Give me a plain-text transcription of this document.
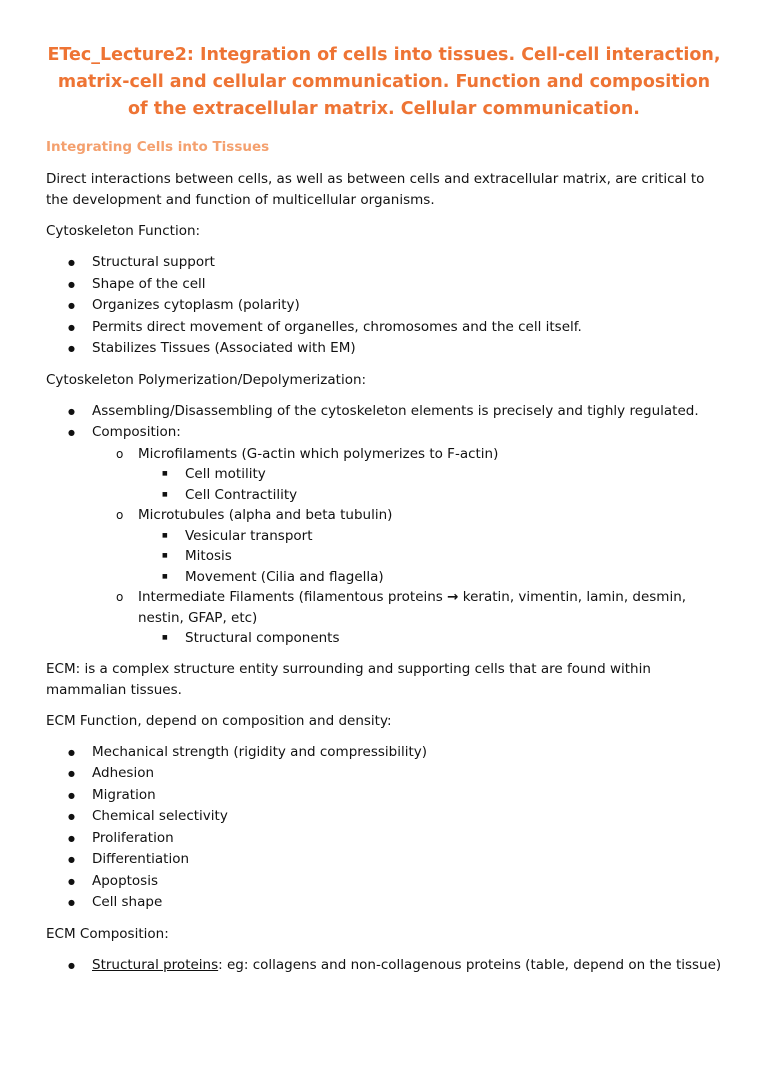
ETec_Lecture2: Integration of cells into tissues. Cell-cell interaction, matrix-cell and cellular communication. Function and composition of the extracellular matrix. Cellular communication.
Integrating Cells into Tissues

Direct interactions between cells, as well as between cells and extracellular matrix, are critical to the development and function of multicellular organisms.

Cytoskeleton Function:

● Structural support
● Shape of the cell
● Organizes cytoplasm (polarity)
● Permits direct movement of organelles, chromosomes and the cell itself.
● Stabilizes Tissues (Associated with EM)

Cytoskeleton Polymerization/Depolymerization:

● Assembling/Disassembling of the cytoskeleton elements is precisely and tighly regulated.
● Composition:
o Microfilaments (G-actin which polymerizes to F-actin)
■ Cell motility
■ Cell Contractility
o Microtubules (alpha and beta tubulin)
■ Vesicular transport
■ Mitosis
■ Movement (Cilia and flagella)
o Intermediate Filaments (filamentous proteins → keratin, vimentin, lamin, desmin, nestin, GFAP, etc)
■ Structural components

ECM: is a complex structure entity surrounding and supporting cells that are found within mammalian tissues.

ECM Function, depend on composition and density:

● Mechanical strength (rigidity and compressibility)
● Adhesion
● Migration
● Chemical selectivity
● Proliferation
● Differentiation
● Apoptosis
● Cell shape

ECM Composition:

● Structural proteins: eg: collagens and non-collagenous proteins (table, depend on the tissue)
